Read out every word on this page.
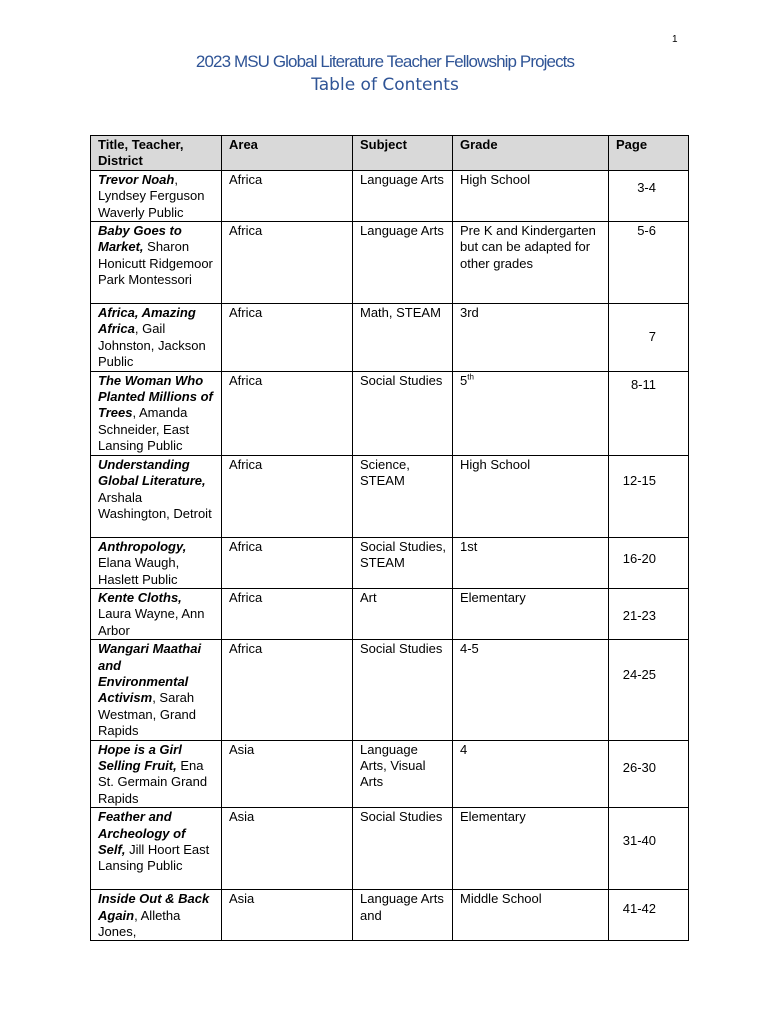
1
2023 MSU Global Literature Teacher Fellowship Projects
Table of Contents
Title, Teacher, District	Area	Subject	Grade	Page
Trevor Noah, Lyndsey Ferguson Waverly Public	Africa	Language Arts	High School	3-4
Baby Goes to Market, Sharon Honicutt Ridgemoor Park Montessori	Africa	Language Arts	Pre K and Kindergarten but can be adapted for other grades	5-6
Africa, Amazing Africa, Gail Johnston, Jackson Public	Africa	Math, STEAM	3rd	7
The Woman Who Planted Millions of Trees, Amanda Schneider, East Lansing Public	Africa	Social Studies	5th	8-11
Understanding Global Literature, Arshala Washington, Detroit	Africa	Science, STEAM	High School	12-15
Anthropology, Elana Waugh, Haslett Public	Africa	Social Studies, STEAM	1st	16-20
Kente Cloths, Laura Wayne, Ann Arbor	Africa	Art	Elementary	21-23
Wangari Maathai and Environmental Activism, Sarah Westman, Grand Rapids	Africa	Social Studies	4-5	24-25
Hope is a Girl Selling Fruit, Ena St. Germain Grand Rapids	Asia	Language Arts, Visual Arts	4	26-30
Feather and Archeology of Self, Jill Hoort East Lansing Public	Asia	Social Studies	Elementary	31-40
Inside Out & Back Again, Alletha Jones,	Asia	Language Arts and	Middle School	41-42
